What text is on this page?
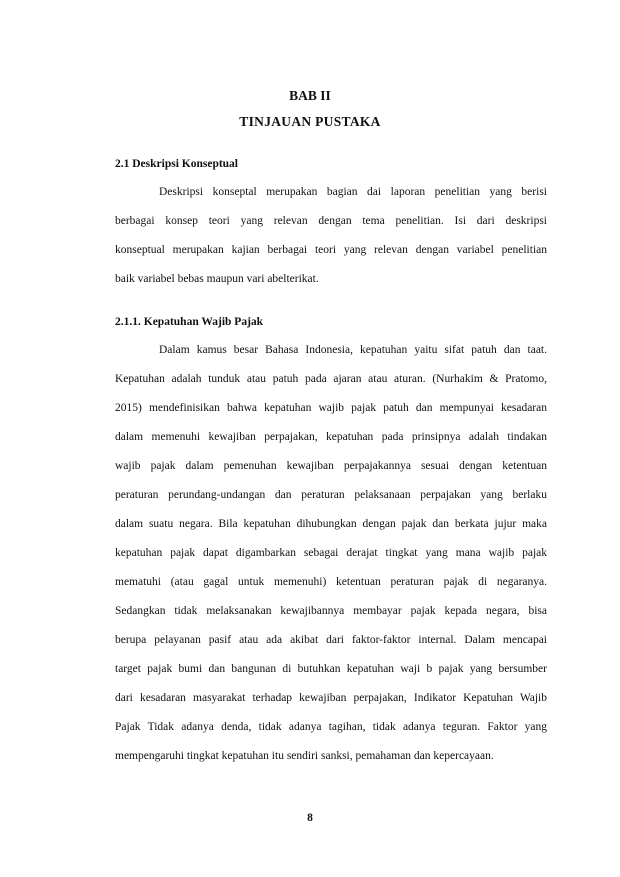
BAB II
TINJAUAN PUSTAKA
2.1 Deskripsi Konseptual
Deskripsi konseptal merupakan bagian dai laporan penelitian yang berisi
berbagai konsep teori yang relevan dengan tema penelitian. Isi dari deskripsi
konseptual merupakan kajian berbagai teori yang relevan dengan variabel penelitian
baik variabel bebas maupun vari abelterikat.
2.1.1. Kepatuhan Wajib Pajak
Dalam kamus besar Bahasa Indonesia, kepatuhan yaitu sifat patuh dan taat.
Kepatuhan adalah tunduk atau patuh pada ajaran atau aturan. (Nurhakim & Pratomo,
2015) mendefinisikan bahwa kepatuhan wajib pajak patuh dan mempunyai kesadaran
dalam memenuhi kewajiban perpajakan, kepatuhan pada prinsipnya adalah tindakan
wajib pajak dalam pemenuhan kewajiban perpajakannya sesuai dengan ketentuan
peraturan perundang-undangan dan peraturan pelaksanaan perpajakan yang berlaku
dalam suatu negara. Bila kepatuhan dihubungkan dengan pajak dan berkata jujur maka
kepatuhan pajak dapat digambarkan sebagai derajat tingkat yang mana wajib pajak
mematuhi (atau gagal untuk memenuhi) ketentuan peraturan pajak di negaranya.
Sedangkan tidak melaksanakan kewajibannya membayar pajak kepada negara, bisa
berupa pelayanan pasif atau ada akibat dari faktor-faktor internal. Dalam mencapai
target pajak bumi dan bangunan di butuhkan kepatuhan waji b pajak yang bersumber
dari kesadaran masyarakat terhadap kewajiban perpajakan, Indikator Kepatuhan Wajib
Pajak Tidak adanya denda, tidak adanya tagihan, tidak adanya teguran. Faktor yang
mempengaruhi tingkat kepatuhan itu sendiri sanksi, pemahaman dan kepercayaan.
8
